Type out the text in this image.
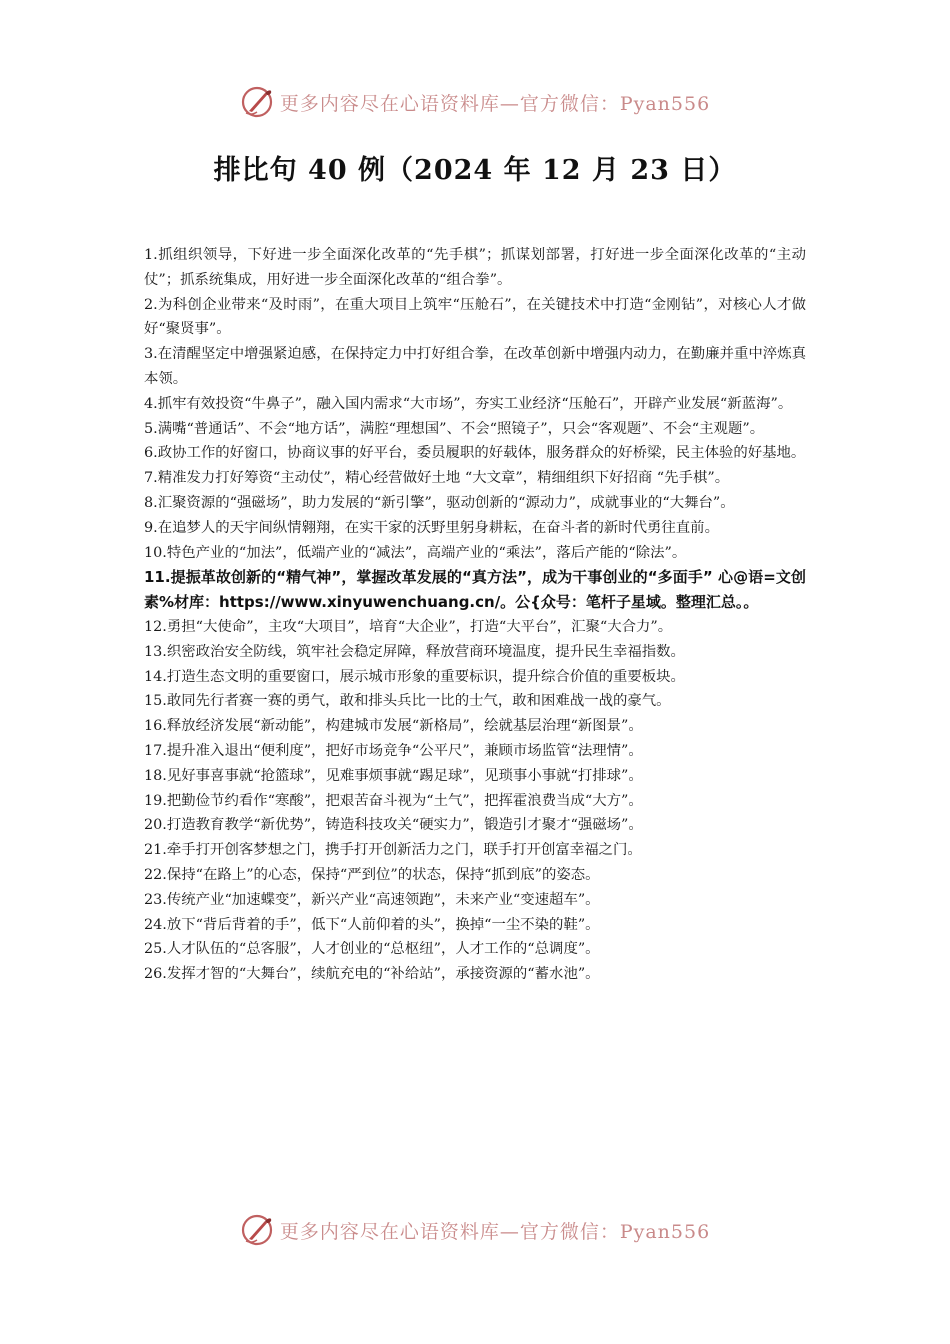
更多内容尽在心语资料库—官方微信：Pyan556
排比句 40 例（2024 年 12 月 23 日）

1.抓组织领导，下好进一步全面深化改革的“先手棋”；抓谋划部署，打好进一步全面深化改革的“主动仗”；抓系统集成，用好进一步全面深化改革的“组合拳”。

2.为科创企业带来“及时雨”，在重大项目上筑牢“压舱石”，在关键技术中打造“金刚钻”，对核心人才做好“聚贤事”。

3.在清醒坚定中增强紧迫感，在保持定力中打好组合拳，在改革创新中增强内动力，在勤廉并重中淬炼真本领。

4.抓牢有效投资“牛鼻子”，融入国内需求“大市场”，夯实工业经济“压舱石”，开辟产业发展“新蓝海”。

5.满嘴“普通话”、不会“地方话”，满腔“理想国”、不会“照镜子”，只会“客观题”、不会“主观题”。

6.政协工作的好窗口，协商议事的好平台，委员履职的好载体，服务群众的好桥梁，民主体验的好基地。

7.精准发力打好筹资“主动仗”，精心经营做好土地 “大文章”，精细组织下好招商 “先手棋”。

8.汇聚资源的“强磁场”，助力发展的“新引擎”，驱动创新的“源动力”，成就事业的“大舞台”。

9.在追梦人的天宇间纵情翱翔，在实干家的沃野里躬身耕耘，在奋斗者的新时代勇往直前。

10.特色产业的“加法”，低端产业的“减法”，高端产业的“乘法”，落后产能的“除法”。

11.提振革故创新的“精气神”，掌握改革发展的“真方法”，成为干事创业的“多面手” 心@语=文创素%材库：https://www.xinyuwenchuang.cn/。公{众号：笔杆子星域。整理汇总。。

12.勇担“大使命”，主攻“大项目”，培育“大企业”，打造“大平台”，汇聚“大合力”。

13.织密政治安全防线，筑牢社会稳定屏障，释放营商环境温度，提升民生幸福指数。

14.打造生态文明的重要窗口，展示城市形象的重要标识，提升综合价值的重要板块。

15.敢同先行者赛一赛的勇气，敢和排头兵比一比的士气，敢和困难战一战的豪气。

16.释放经济发展“新动能”，构建城市发展“新格局”，绘就基层治理“新图景”。

17.提升准入退出“便利度”，把好市场竞争“公平尺”，兼顾市场监管“法理情”。

18.见好事喜事就“抢篮球”，见难事烦事就“踢足球”，见琐事小事就“打排球”。

19.把勤俭节约看作“寒酸”，把艰苦奋斗视为“土气”，把挥霍浪费当成“大方”。

20.打造教育教学“新优势”，铸造科技攻关“硬实力”，锻造引才聚才“强磁场”。

21.牵手打开创客梦想之门，携手打开创新活力之门，联手打开创富幸福之门。

22.保持“在路上”的心态，保持“严到位”的状态，保持“抓到底”的姿态。

23.传统产业“加速蝶变”，新兴产业“高速领跑”，未来产业“变速超车”。

24.放下“背后背着的手”，低下“人前仰着的头”，换掉“一尘不染的鞋”。

25.人才队伍的“总客服”，人才创业的“总枢纽”，人才工作的“总调度”。

26.发挥才智的“大舞台”，续航充电的“补给站”，承接资源的“蓄水池”。

更多内容尽在心语资料库—官方微信：Pyan556
